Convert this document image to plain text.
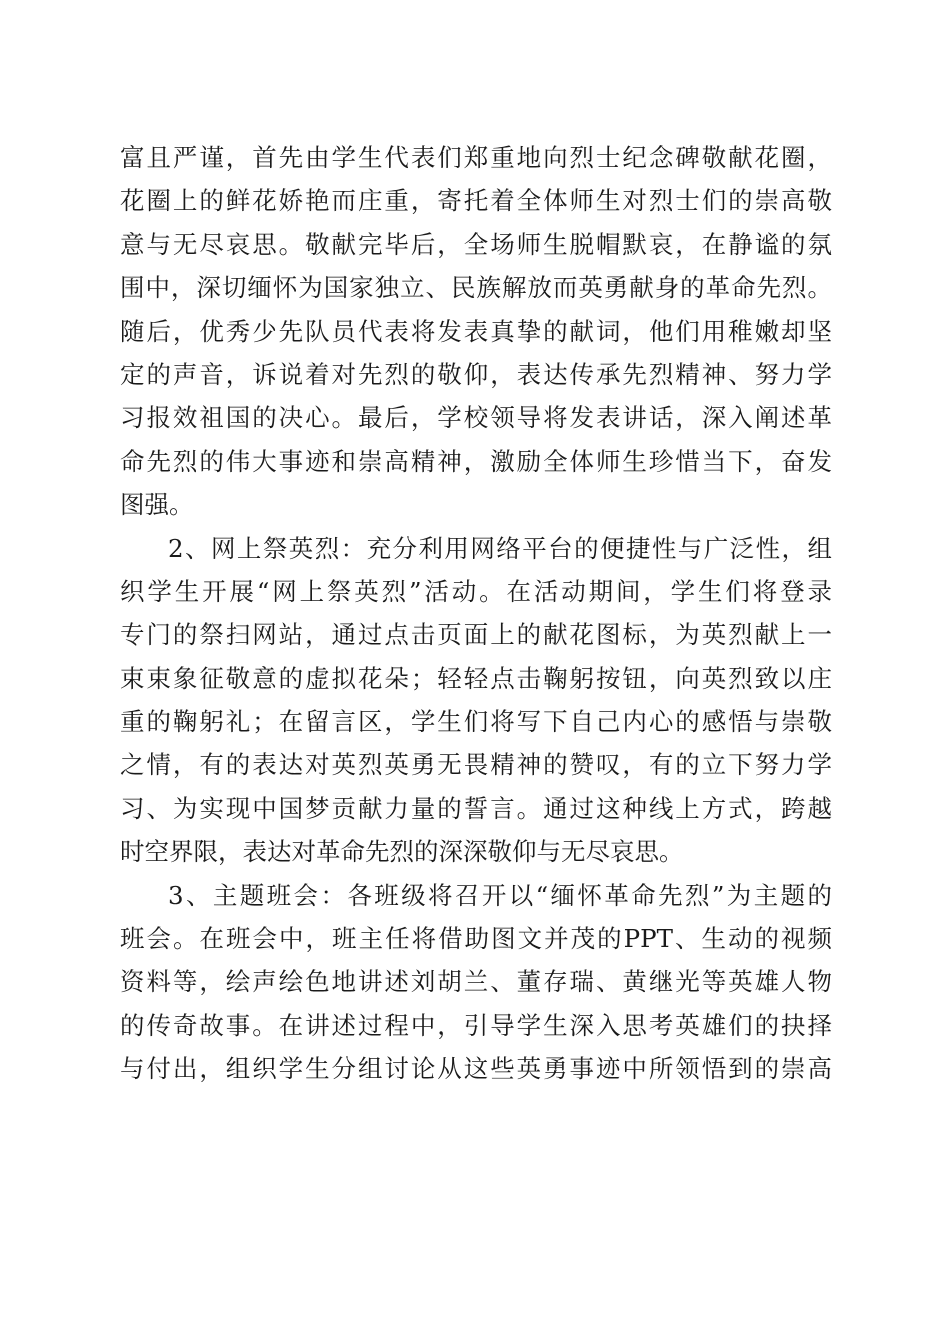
富且严谨，首先由学生代表们郑重地向烈士纪念碑敬献花圈，
花圈上的鲜花娇艳而庄重，寄托着全体师生对烈士们的崇高敬
意与无尽哀思。敬献完毕后，全场师生脱帽默哀，在静谧的氛
围中，深切缅怀为国家独立、民族解放而英勇献身的革命先烈。
随后，优秀少先队员代表将发表真挚的献词，他们用稚嫩却坚
定的声音，诉说着对先烈的敬仰，表达传承先烈精神、努力学
习报效祖国的决心。最后，学校领导将发表讲话，深入阐述革
命先烈的伟大事迹和崇高精神，激励全体师生珍惜当下，奋发
图强。
2、网上祭英烈：充分利用网络平台的便捷性与广泛性，组
织学生开展“网上祭英烈”活动。在活动期间，学生们将登录
专门的祭扫网站，通过点击页面上的献花图标，为英烈献上一
束束象征敬意的虚拟花朵；轻轻点击鞠躬按钮，向英烈致以庄
重的鞠躬礼；在留言区，学生们将写下自己内心的感悟与崇敬
之情，有的表达对英烈英勇无畏精神的赞叹，有的立下努力学
习、为实现中国梦贡献力量的誓言。通过这种线上方式，跨越
时空界限，表达对革命先烈的深深敬仰与无尽哀思。
3、主题班会：各班级将召开以“缅怀革命先烈”为主题的
班会。在班会中，班主任将借助图文并茂的PPT、生动的视频
资料等，绘声绘色地讲述刘胡兰、董存瑞、黄继光等英雄人物
的传奇故事。在讲述过程中，引导学生深入思考英雄们的抉择
与付出，组织学生分组讨论从这些英勇事迹中所领悟到的崇高
